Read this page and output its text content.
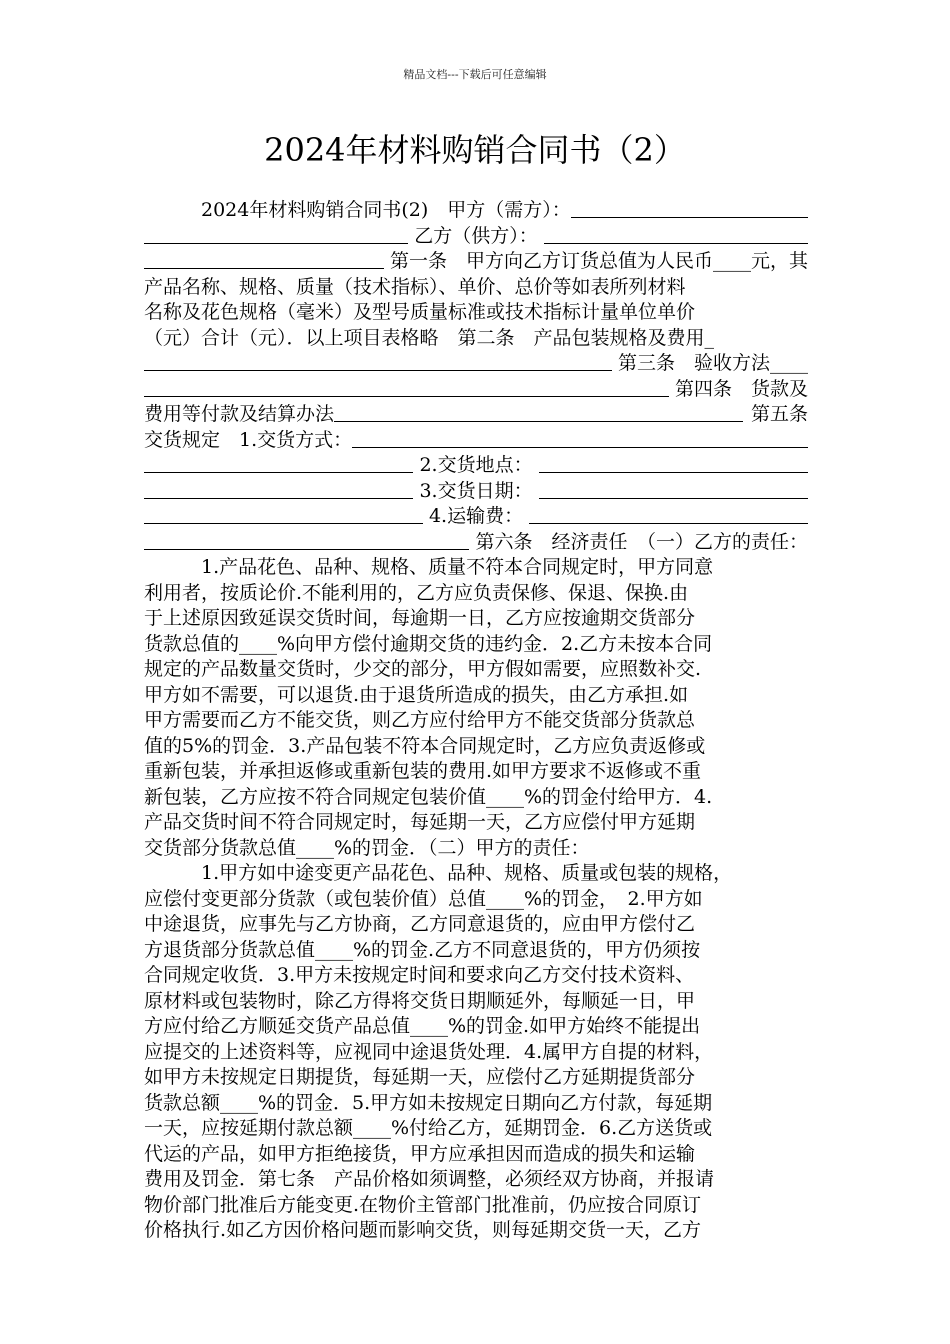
精品文档---下载后可任意编辑
2024年材料购销合同书（2）
2024年材料购销合同书(2)　甲方（需方）：
乙方（供方）：
第一条　甲方向乙方订货总值为人民币____元，其
产品名称、规格、质量（技术指标）、单价、总价等如表所列材料
名称及花色规格（毫米）及型号质量标准或技术指标计量单位单价
（元）合计（元）．以上项目表格略　第二条　产品包装规格及费用_
第三条　验收方法____
第四条　货款及
费用等付款及结算办法	第五条
交货规定　1.交货方式：
2.交货地点：
3.交货日期：
4.运输费：
第六条　经济责任　（一）乙方的责任：
1.产品花色、品种、规格、质量不符本合同规定时，甲方同意
利用者，按质论价.不能利用的，乙方应负责保修、保退、保换.由
于上述原因致延误交货时间，每逾期一日，乙方应按逾期交货部分
货款总值的____%向甲方偿付逾期交货的违约金．2.乙方未按本合同
规定的产品数量交货时，少交的部分，甲方假如需要，应照数补交.
甲方如不需要，可以退货.由于退货所造成的损失，由乙方承担.如
甲方需要而乙方不能交货，则乙方应付给甲方不能交货部分货款总
值的5%的罚金．3.产品包装不符本合同规定时，乙方应负责返修或
重新包装，并承担返修或重新包装的费用.如甲方要求不返修或不重
新包装，乙方应按不符合同规定包装价值____%的罚金付给甲方．4.
产品交货时间不符合同规定时，每延期一天，乙方应偿付甲方延期
交货部分货款总值____%的罚金．（二）甲方的责任：
1.甲方如中途变更产品花色、品种、规格、质量或包装的规格，
应偿付变更部分货款（或包装价值）总值____%的罚金，　2.甲方如
中途退货，应事先与乙方协商，乙方同意退货的，应由甲方偿付乙
方退货部分货款总值____%的罚金.乙方不同意退货的，甲方仍须按
合同规定收货．3.甲方未按规定时间和要求向乙方交付技术资料、
原材料或包装物时，除乙方得将交货日期顺延外，每顺延一日，甲
方应付给乙方顺延交货产品总值____%的罚金.如甲方始终不能提出
应提交的上述资料等，应视同中途退货处理．4.属甲方自提的材料，
如甲方未按规定日期提货，每延期一天，应偿付乙方延期提货部分
货款总额____%的罚金．5.甲方如未按规定日期向乙方付款，每延期
一天，应按延期付款总额____%付给乙方，延期罚金．6.乙方送货或
代运的产品，如甲方拒绝接货，甲方应承担因而造成的损失和运输
费用及罚金．第七条　产品价格如须调整，必须经双方协商，并报请
物价部门批准后方能变更.在物价主管部门批准前，仍应按合同原订
价格执行.如乙方因价格问题而影响交货，则每延期交货一天，乙方
